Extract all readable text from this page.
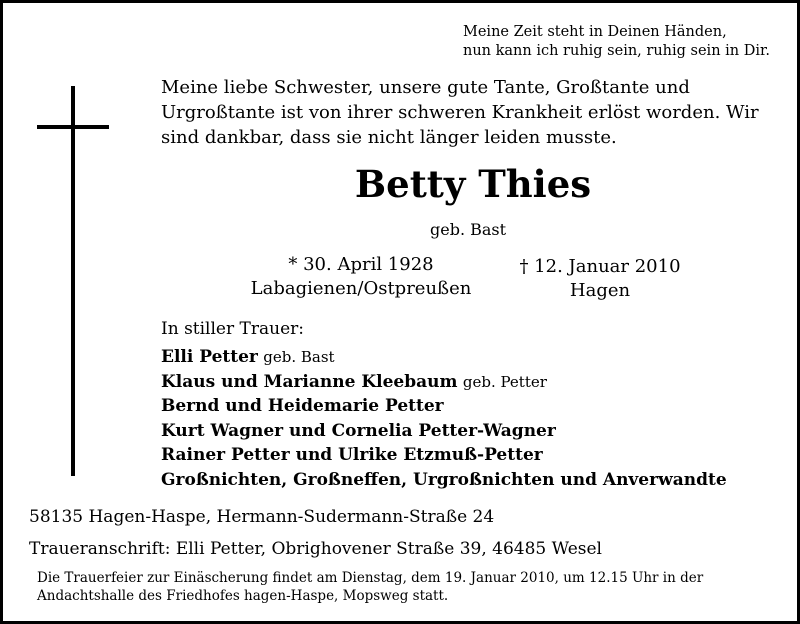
Meine Zeit steht in Deinen Händen,
nun kann ich ruhig sein, ruhig sein in Dir.
Meine liebe Schwester, unsere gute Tante, Großtante und
Urgroßtante ist von ihrer schweren Krankheit erlöst worden. Wir
sind dankbar, dass sie nicht länger leiden musste.
Betty Thies
geb. Bast
* 30. April 1928
Labagienen/Ostpreußen
† 12. Januar 2010
Hagen
In stiller Trauer:
Elli Petter geb. Bast
Klaus und Marianne Kleebaum geb. Petter
Bernd und Heidemarie Petter
Kurt Wagner und Cornelia Petter-Wagner
Rainer Petter und Ulrike Etzmuß-Petter
Großnichten, Großneffen, Urgroßnichten und Anverwandte
58135 Hagen-Haspe, Hermann-Sudermann-Straße 24
Traueranschrift: Elli Petter, Obrighovener Straße 39, 46485 Wesel
Die Trauerfeier zur Einäscherung findet am Dienstag, dem 19. Januar 2010, um 12.15 Uhr in der
Andachtshalle des Friedhofes hagen-Haspe, Mopsweg statt.
